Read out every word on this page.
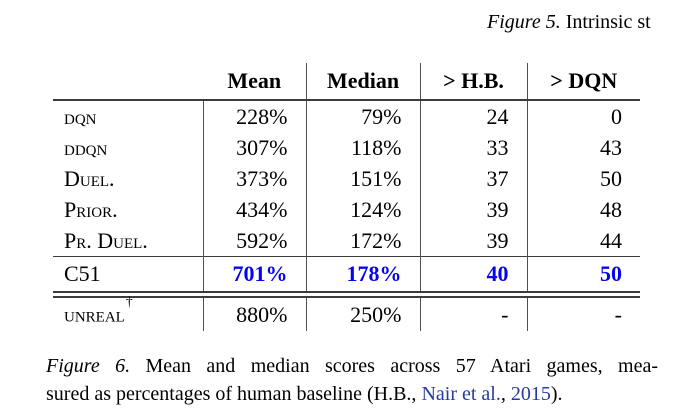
Figure 5. Intrinsic st
	Mean	Median	> H.B.	> DQN
dqn	228%	79%	24	0
ddqn	307%	118%	33	43
Duel.	373%	151%	37	50
Prior.	434%	124%	39	48
Pr. Duel.	592%	172%	39	44
C51	701%	178%	40	50

unreal†	880%	250%	-	-
Figure 6. Mean and median scores across 57 Atari games, mea-
sured as percentages of human baseline (H.B., Nair et al., 2015).
